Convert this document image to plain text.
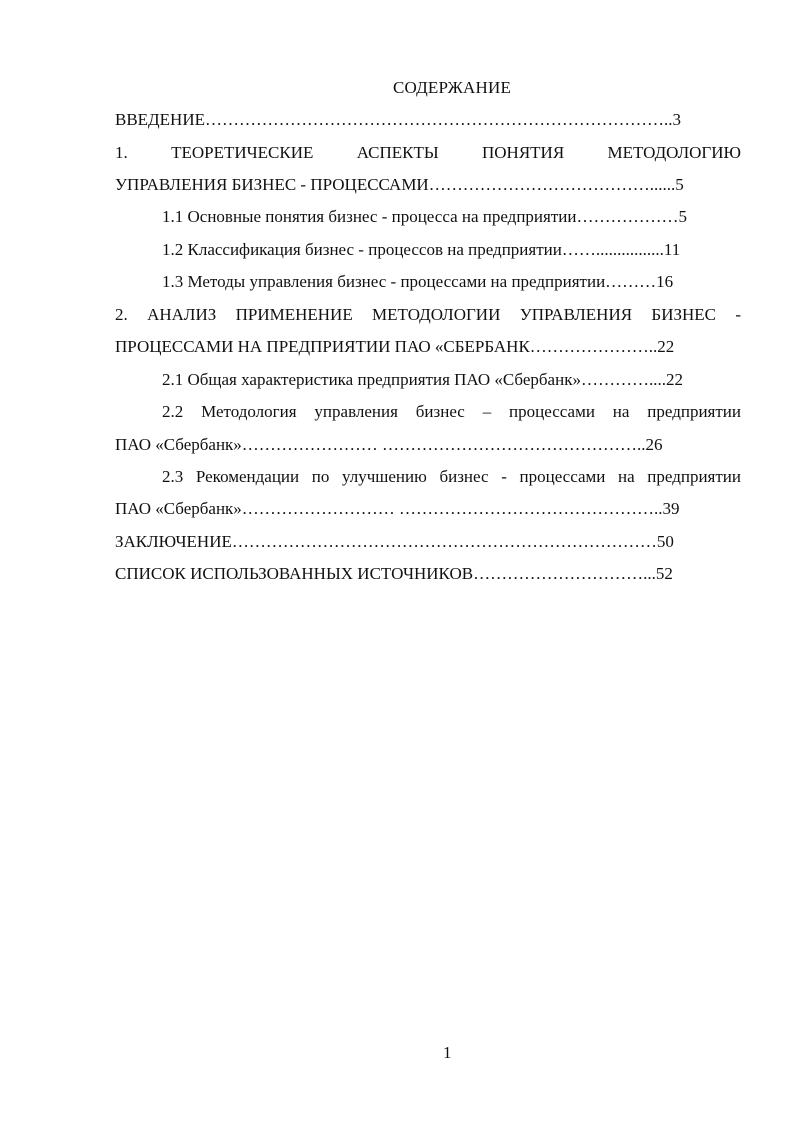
СОДЕРЖАНИЕ
ВВЕДЕНИЕ………………………………………………………………………..3
1. ТЕОРЕТИЧЕСКИЕ АСПЕКТЫ ПОНЯТИЯ МЕТОДОЛОГИЮ
УПРАВЛЕНИЯ БИЗНЕС - ПРОЦЕССАМИ…………………………………......5
1.1 Основные понятия бизнес - процесса на предприятии………………5
1.2 Классификация бизнес - процессов на предприятии……................11
1.3 Методы управления бизнес - процессами на предприятии………16
2. АНАЛИЗ ПРИМЕНЕНИЕ МЕТОДОЛОГИИ УПРАВЛЕНИЯ БИЗНЕС -
ПРОЦЕССАМИ НА ПРЕДПРИЯТИИ ПАО «СБЕРБАНК…………………..22
2.1 Общая характеристика предприятия ПАО «Сбербанк»…………....22
2.2 Методология управления бизнес – процессами на предприятии
ПАО «Сбербанк»…………………… ………………………………………..26
2.3 Рекомендации по улучшению бизнес - процессами на предприятии
ПАО «Сбербанк»……………………… ………………………………………..39
ЗАКЛЮЧЕНИЕ…………………………………………………………………50
СПИСОК ИСПОЛЬЗОВАННЫХ ИСТОЧНИКОВ…………………………...52
1
